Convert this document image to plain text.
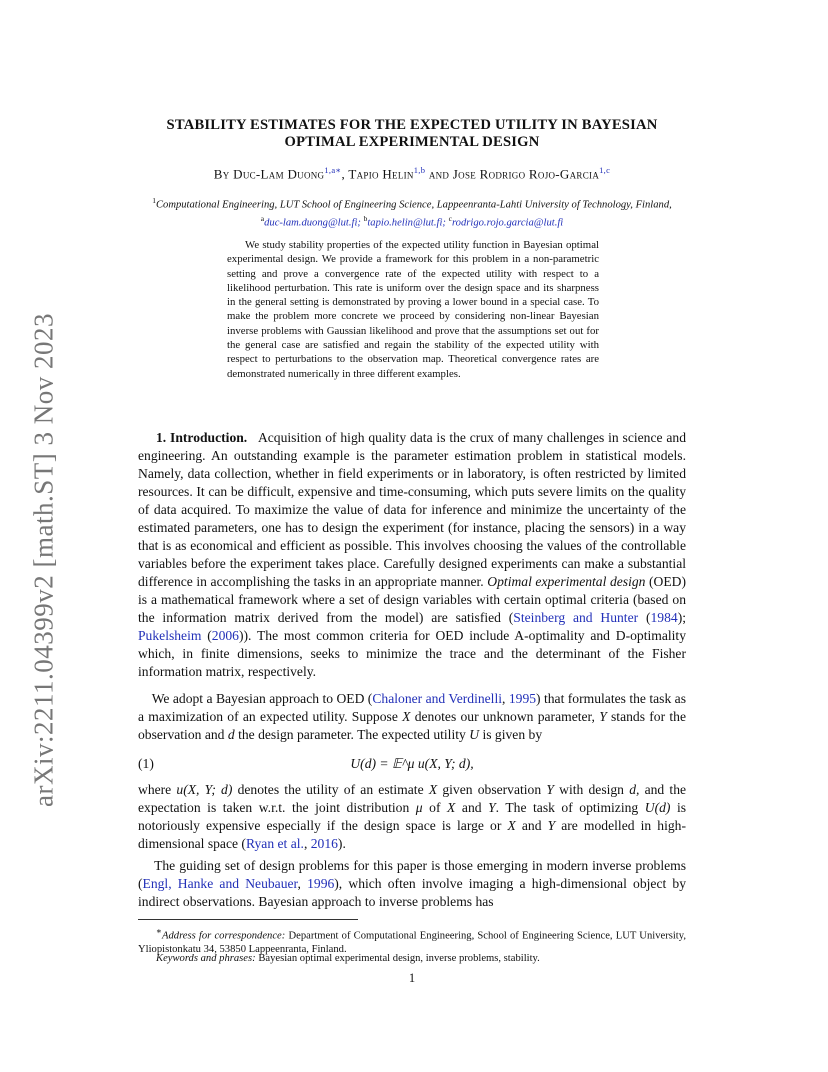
arXiv:2211.04399v2 [math.ST] 3 Nov 2023
STABILITY ESTIMATES FOR THE EXPECTED UTILITY IN BAYESIAN
OPTIMAL EXPERIMENTAL DESIGN
By Duc-Lam Duong$^{1,a∗}$, Tapio Helin$^{1,b}$ and Jose Rodrigo Rojo-Garcia$^{1,c}$
$^1$Computational Engineering, LUT School of Engineering Science, Lappeenranta-Lahti University of Technology, Finland,
$^a$duc-lam.duong@lut.fi; $^b$tapio.helin@lut.fi; $^c$rodrigo.rojo.garcia@lut.fi
We study stability properties of the expected utility function in Bayesian optimal experimental design. We provide a framework for this problem in a non-parametric setting and prove a convergence rate of the expected utility with respect to a likelihood perturbation. This rate is uniform over the design space and its sharpness in the general setting is demonstrated by proving a lower bound in a special case. To make the problem more concrete we proceed by considering non-linear Bayesian inverse problems with Gaussian likelihood and prove that the assumptions set out for the general case are satisfied and regain the stability of the expected utility with respect to perturbations to the observation map. Theoretical convergence rates are demonstrated numerically in three different examples.
1. Introduction. Acquisition of high quality data is the crux of many challenges in science and engineering. An outstanding example is the parameter estimation problem in statistical models. Namely, data collection, whether in field experiments or in laboratory, is often restricted by limited resources. It can be difficult, expensive and time-consuming, which puts severe limits on the quality of data acquired. To maximize the value of data for inference and minimize the uncertainty of the estimated parameters, one has to design the experiment (for instance, placing the sensors) in a way that is as economical and efficient as possible. This involves choosing the values of the controllable variables before the experiment takes place. Carefully designed experiments can make a substantial difference in accomplishing the tasks in an appropriate manner. Optimal experimental design (OED) is a mathematical framework where a set of design variables with certain optimal criteria (based on the information matrix derived from the model) are satisfied (Steinberg and Hunter (1984); Pukelsheim (2006)). The most common criteria for OED include A-optimality and D-optimality which, in finite dimensions, seeks to minimize the trace and the determinant of the Fisher information matrix, respectively.
We adopt a Bayesian approach to OED (Chaloner and Verdinelli, 1995) that formulates the task as a maximization of an expected utility. Suppose X denotes our unknown parameter, Y stands for the observation and d the design parameter. The expected utility U is given by
(1)	U(d) = 𝔼^μ u(X, Y; d),
where u(X, Y; d) denotes the utility of an estimate X given observation Y with design d, and the expectation is taken w.r.t. the joint distribution μ of X and Y. The task of optimizing U(d) is notoriously expensive especially if the design space is large or X and Y are modelled in high-dimensional space (Ryan et al., 2016).
The guiding set of design problems for this paper is those emerging in modern inverse problems (Engl, Hanke and Neubauer, 1996), which often involve imaging a high-dimensional object by indirect observations. Bayesian approach to inverse problems has
∗Address for correspondence: Department of Computational Engineering, School of Engineering Science, LUT University, Yliopistonkatu 34, 53850 Lappeenranta, Finland.
Keywords and phrases: Bayesian optimal experimental design, inverse problems, stability.
1
